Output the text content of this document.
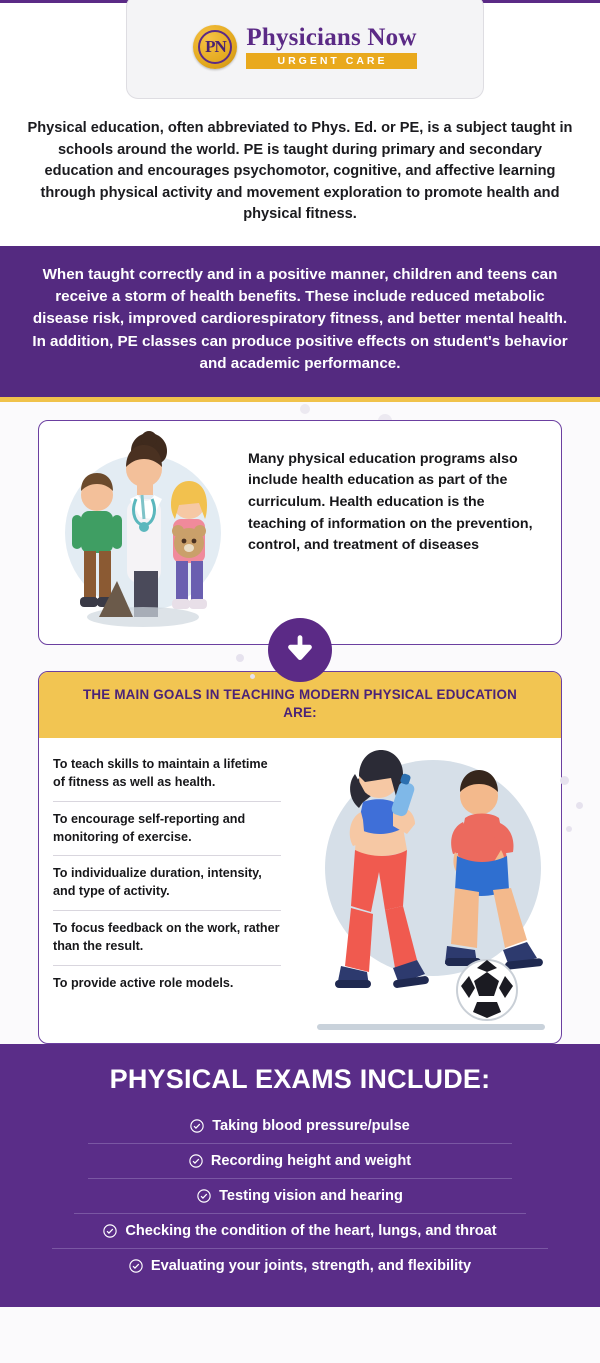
PN Physicians Now
URGENT CARE
Physical education, often abbreviated to Phys. Ed. or PE, is a subject taught in schools around the world. PE is taught during primary and secondary education and encourages psychomotor, cognitive, and affective learning through physical activity and movement exploration to promote health and physical fitness.
When taught correctly and in a positive manner, children and teens can receive a storm of health benefits. These include reduced metabolic disease risk, improved cardiorespiratory fitness, and better mental health. In addition, PE classes can produce positive effects on student's behavior and academic performance.
Many physical education programs also include health education as part of the curriculum. Health education is the teaching of information on the prevention, control, and treatment of diseases
THE MAIN GOALS IN TEACHING MODERN PHYSICAL EDUCATION ARE:
To teach skills to maintain a lifetime of fitness as well as health.
To encourage self-reporting and monitoring of exercise.
To individualize duration, intensity, and type of activity.
To focus feedback on the work, rather than the result.
To provide active role models.
PHYSICAL EXAMS INCLUDE:
Taking blood pressure/pulse
Recording height and weight
Testing vision and hearing
Checking the condition of the heart, lungs, and throat
Evaluating your joints, strength, and flexibility
